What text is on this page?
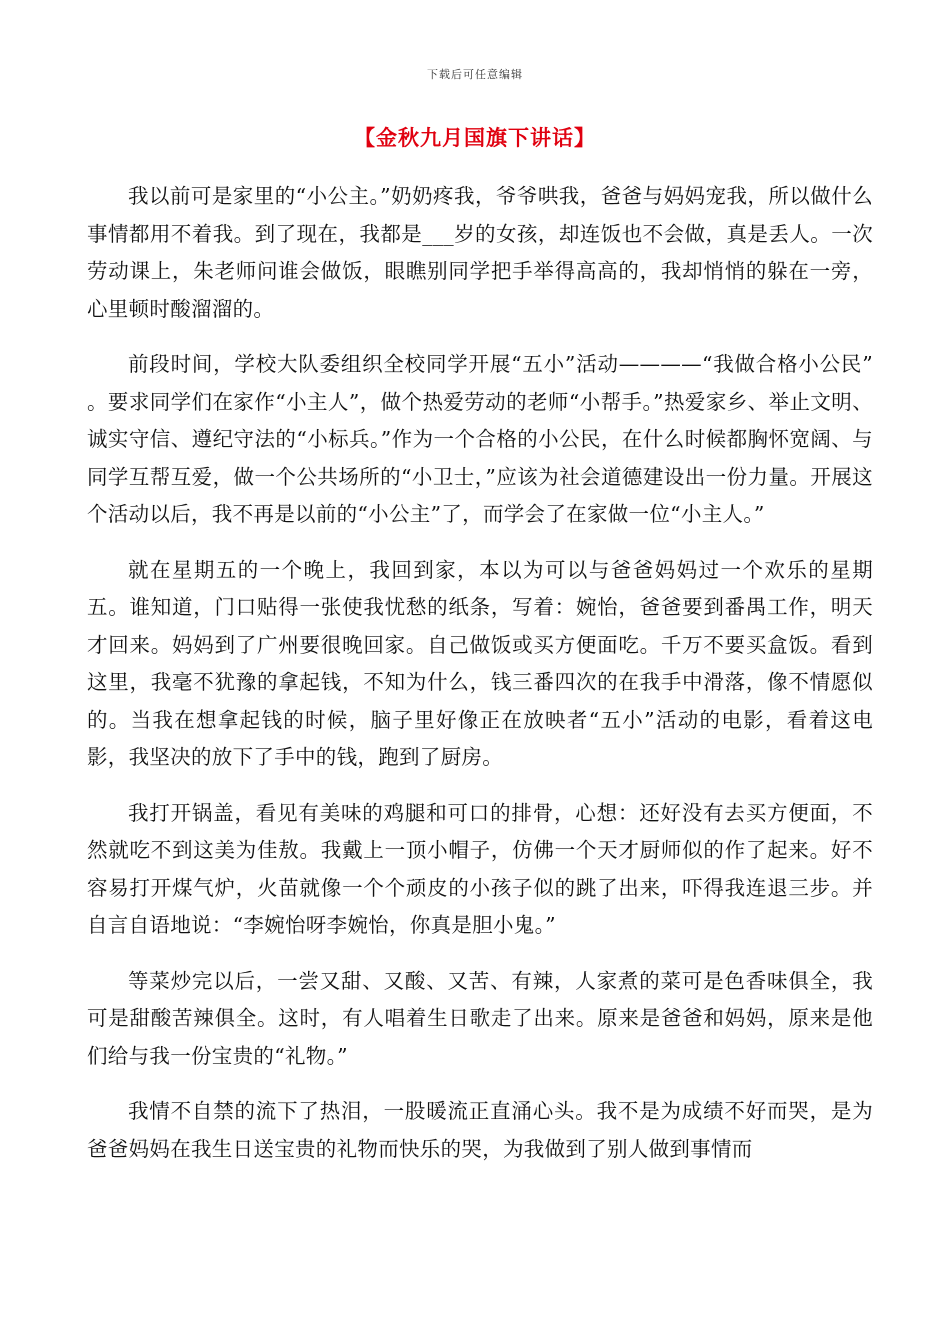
下载后可任意编辑
【金秋九月国旗下讲话】

我以前可是家里的“小公主。”奶奶疼我，爷爷哄我，爸爸与妈妈宠我，所以做什么事情都用不着我。到了现在，我都是___岁的女孩，却连饭也不会做，真是丢人。一次劳动课上，朱老师问谁会做饭，眼瞧别同学把手举得高高的，我却悄悄的躲在一旁，心里顿时酸溜溜的。

前段时间，学校大队委组织全校同学开展“五小”活动————“我做合格小公民” 。要求同学们在家作“小主人”，做个热爱劳动的老师“小帮手。”热爱家乡、举止文明、诚实守信、遵纪守法的“小标兵。”作为一个合格的小公民，在什么时候都胸怀宽阔、与同学互帮互爱，做一个公共场所的“小卫士，”应该为社会道德建设出一份力量。开展这个活动以后，我不再是以前的“小公主”了，而学会了在家做一位“小主人。”

就在星期五的一个晚上，我回到家，本以为可以与爸爸妈妈过一个欢乐的星期五。谁知道，门口贴得一张使我忧愁的纸条，写着：婉怡，爸爸要到番禺工作，明天才回来。妈妈到了广州要很晚回家。自己做饭或买方便面吃。千万不要买盒饭。看到这里，我毫不犹豫的拿起钱，不知为什么，钱三番四次的在我手中滑落，像不情愿似的。当我在想拿起钱的时候，脑子里好像正在放映者“五小”活动的电影，看着这电影，我坚决的放下了手中的钱，跑到了厨房。

我打开锅盖，看见有美味的鸡腿和可口的排骨，心想：还好没有去买方便面，不然就吃不到这美为佳敖。我戴上一顶小帽子，仿佛一个天才厨师似的作了起来。好不容易打开煤气炉，火苗就像一个个顽皮的小孩子似的跳了出来，吓得我连退三步。并自言自语地说：“李婉怡呀李婉怡，你真是胆小鬼。”

等菜炒完以后，一尝又甜、又酸、又苦、有辣，人家煮的菜可是色香味俱全，我可是甜酸苦辣俱全。这时，有人唱着生日歌走了出来。原来是爸爸和妈妈，原来是他们给与我一份宝贵的“礼物。”

我情不自禁的流下了热泪，一股暖流正直涌心头。我不是为成绩不好而哭，是为爸爸妈妈在我生日送宝贵的礼物而快乐的哭，为我做到了别人做到事情而
